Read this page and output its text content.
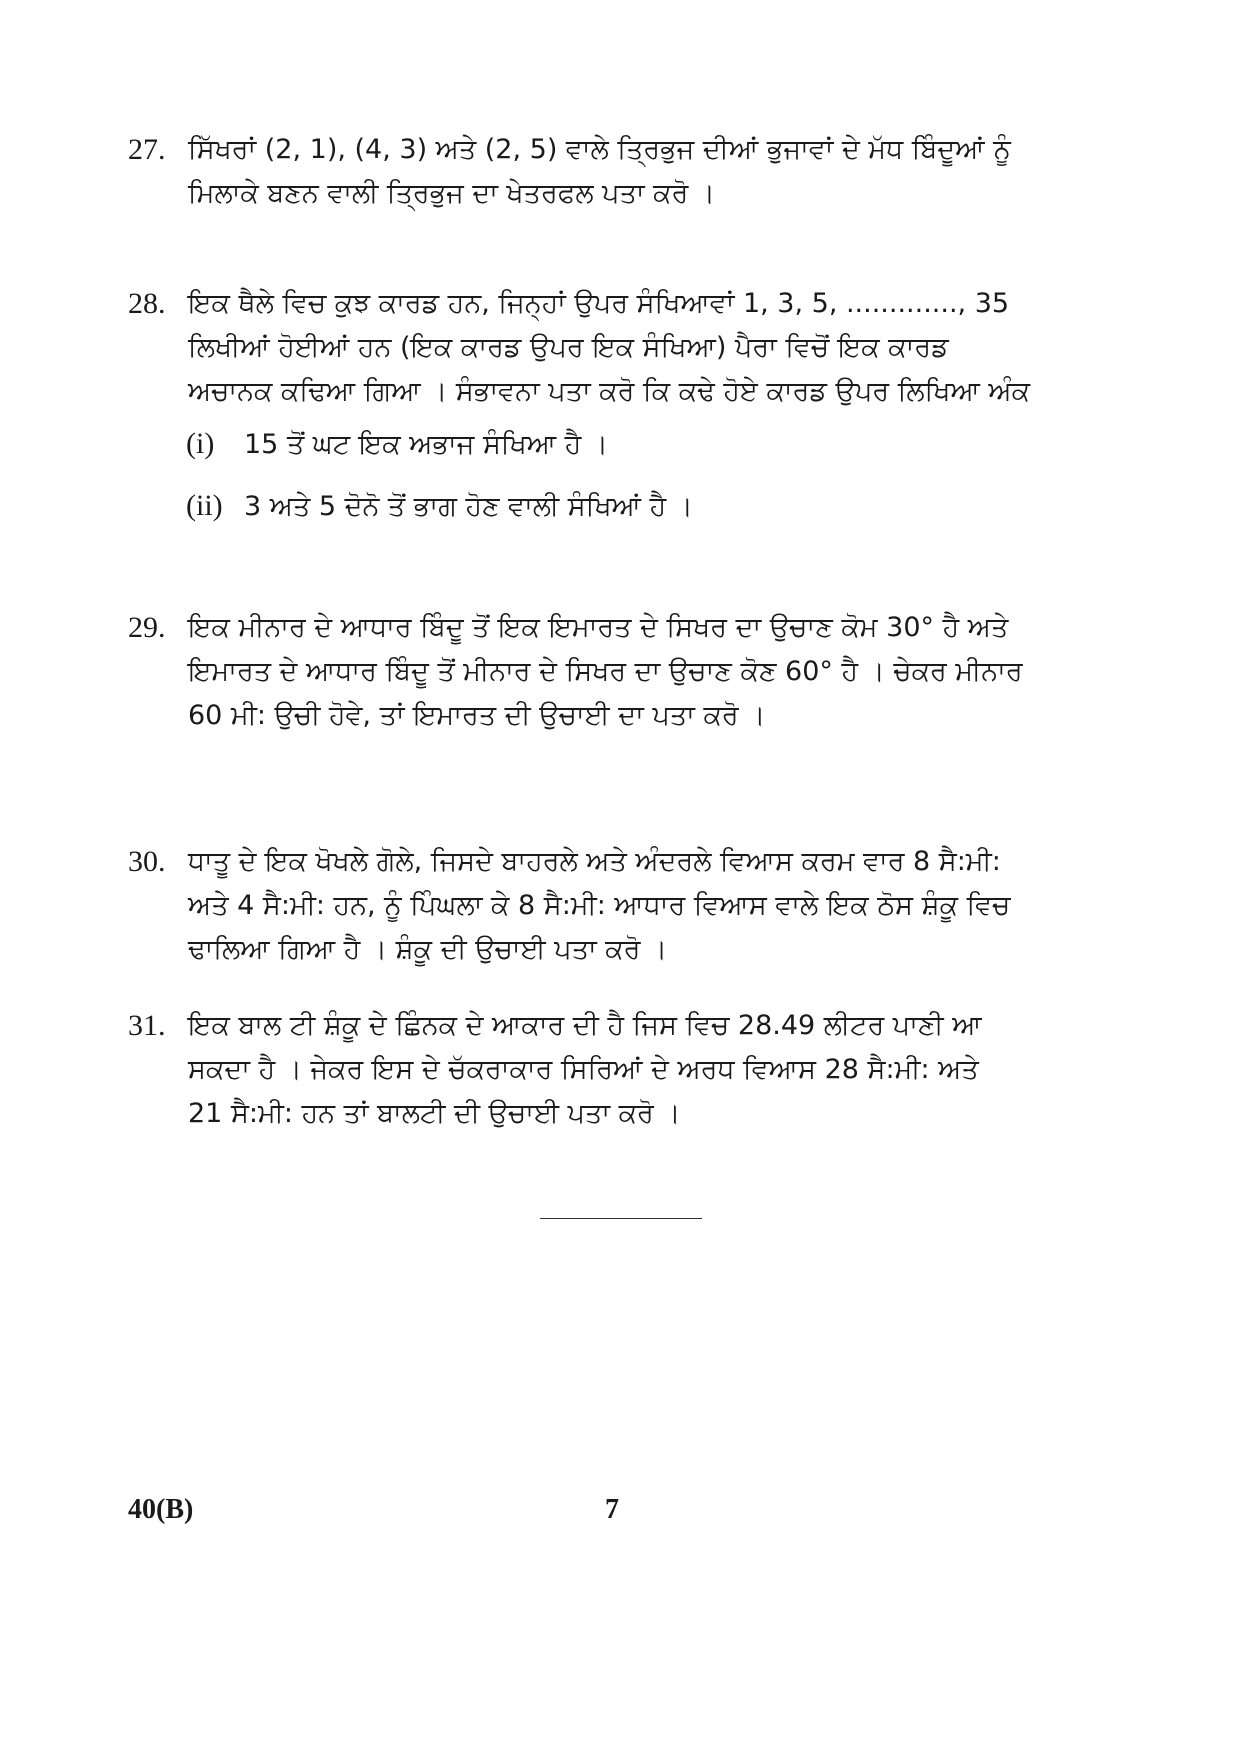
27. ਸਿੱਖਰਾਂ (2, 1), (4, 3) ਅਤੇ (2, 5) ਵਾਲੇ ਤ੍ਰਿਭੁਜ ਦੀਆਂ ਭੁਜਾਵਾਂ ਦੇ ਮੱਧ ਬਿੰਦੂਆਂ ਨੂੰ
ਮਿਲਾਕੇ ਬਣਨ ਵਾਲੀ ਤ੍ਰਿਭੁਜ ਦਾ ਖੇਤਰਫਲ ਪਤਾ ਕਰੋ ।
28. ਇਕ ਥੈਲੇ ਵਿਚ ਕੁਝ ਕਾਰਡ ਹਨ, ਜਿਨ੍ਹਾਂ ਉਪਰ ਸੰਖਿਆਵਾਂ 1, 3, 5, ............., 35
ਲਿਖੀਆਂ ਹੋਈਆਂ ਹਨ (ਇਕ ਕਾਰਡ ਉਪਰ ਇਕ ਸੰਖਿਆ) ਪੈਰਾ ਵਿਚੋਂ ਇਕ ਕਾਰਡ
ਅਚਾਨਕ ਕਢਿਆ ਗਿਆ । ਸੰਭਾਵਨਾ ਪਤਾ ਕਰੋ ਕਿ ਕਢੇ ਹੋਏ ਕਾਰਡ ਉਪਰ ਲਿਖਿਆ ਅੰਕ
(i) 15 ਤੋਂ ਘਟ ਇਕ ਅਭਾਜ ਸੰਖਿਆ ਹੈ ।
(ii) 3 ਅਤੇ 5 ਦੋਨੋ ਤੋਂ ਭਾਗ ਹੋਣ ਵਾਲੀ ਸੰਖਿਆਂ ਹੈ ।
29. ਇਕ ਮੀਨਾਰ ਦੇ ਆਧਾਰ ਬਿੰਦੂ ਤੋਂ ਇਕ ਇਮਾਰਤ ਦੇ ਸਿਖਰ ਦਾ ਉਚਾਣ ਕੋਮ 30° ਹੈ ਅਤੇ
ਇਮਾਰਤ ਦੇ ਆਧਾਰ ਬਿੰਦੂ ਤੋਂ ਮੀਨਾਰ ਦੇ ਸਿਖਰ ਦਾ ਉਚਾਣ ਕੋਣ 60° ਹੈ । ਚੇਕਰ ਮੀਨਾਰ
60 ਮੀ: ਉਚੀ ਹੋਵੇ, ਤਾਂ ਇਮਾਰਤ ਦੀ ਉਚਾਈ ਦਾ ਪਤਾ ਕਰੋ ।
30. ਧਾਤੂ ਦੇ ਇਕ ਖੋਖਲੇ ਗੋਲੇ, ਜਿਸਦੇ ਬਾਹਰਲੇ ਅਤੇ ਅੰਦਰਲੇ ਵਿਆਸ ਕਰਮ ਵਾਰ 8 ਸੈ:ਮੀ:
ਅਤੇ 4 ਸੈ:ਮੀ: ਹਨ, ਨੂੰ ਪਿੰਘਲਾ ਕੇ 8 ਸੈ:ਮੀ: ਆਧਾਰ ਵਿਆਸ ਵਾਲੇ ਇਕ ਠੋਸ ਸ਼ੰਕੂ ਵਿਚ
ਢਾਲਿਆ ਗਿਆ ਹੈ । ਸ਼ੰਕੂ ਦੀ ਉਚਾਈ ਪਤਾ ਕਰੋ ।
31. ਇਕ ਬਾਲ ਟੀ ਸ਼ੰਕੂ ਦੇ ਛਿੰਨਕ ਦੇ ਆਕਾਰ ਦੀ ਹੈ ਜਿਸ ਵਿਚ 28.49 ਲੀਟਰ ਪਾਣੀ ਆ
ਸਕਦਾ ਹੈ । ਜੇਕਰ ਇਸ ਦੇ ਚੱਕਰਾਕਾਰ ਸਿਰਿਆਂ ਦੇ ਅਰਧ ਵਿਆਸ 28 ਸੈ:ਮੀ: ਅਤੇ
21 ਸੈ:ਮੀ: ਹਨ ਤਾਂ ਬਾਲਟੀ ਦੀ ਉਚਾਈ ਪਤਾ ਕਰੋ ।
40(B)	7
